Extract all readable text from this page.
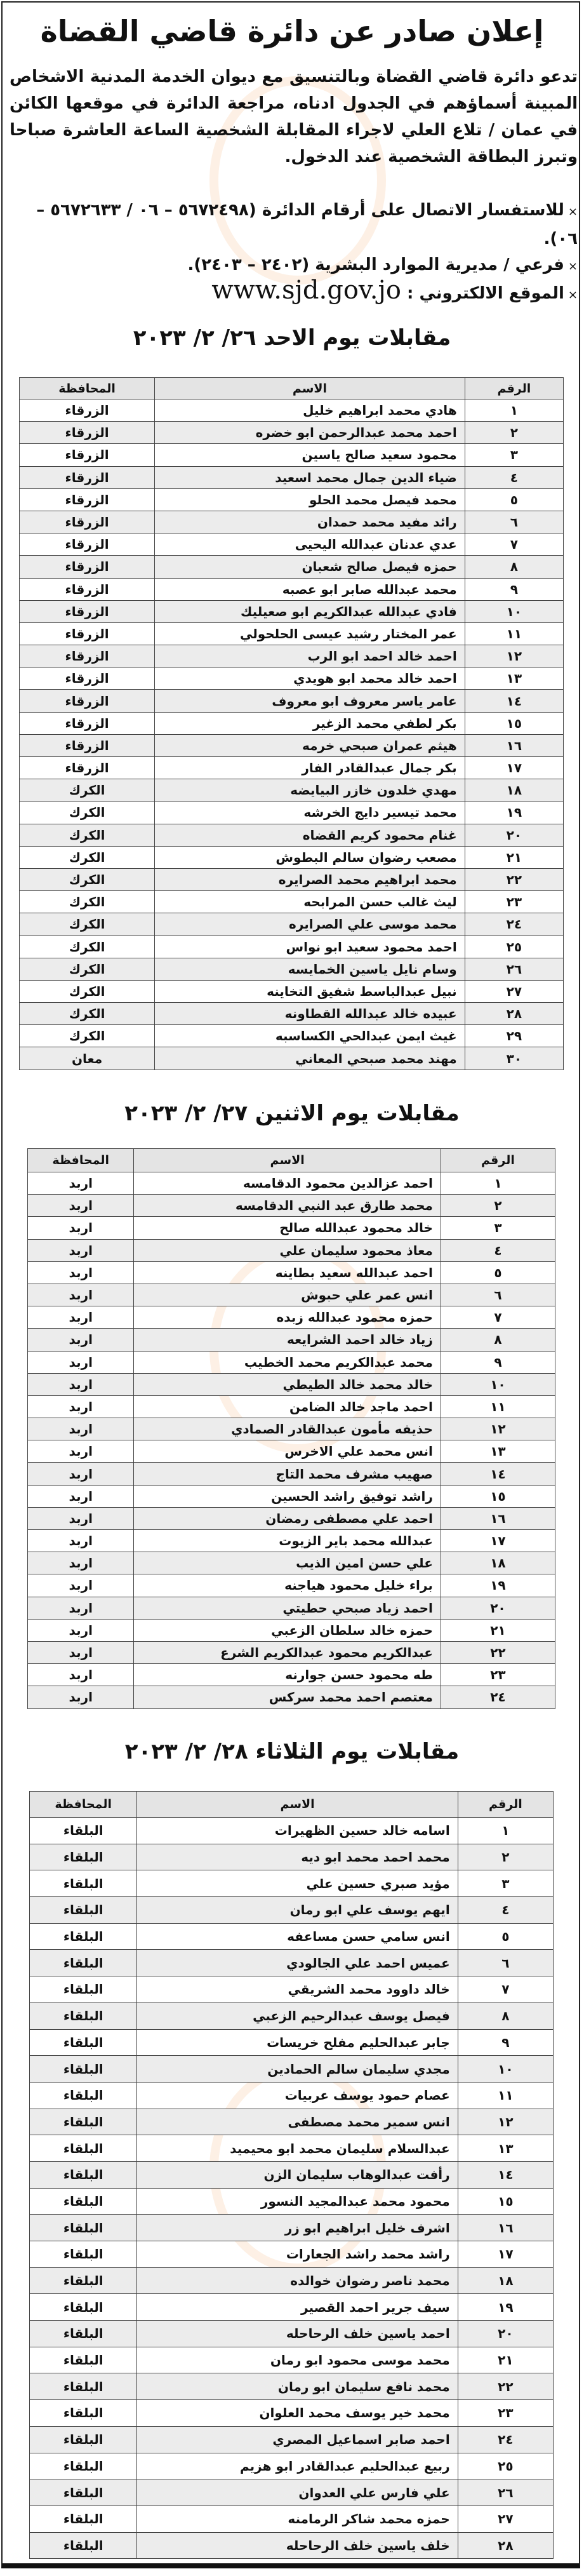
إعلان صادر عن دائرة قاضي القضاة
تدعو دائرة قاضي القضاة وبالتنسيق مع ديوان الخدمة المدنية الاشخاص المبينة أسماؤهم في الجدول ادناه، مراجعة الدائرة في موقعها الكائن في عمان / تلاع العلي لاجراء المقابلة الشخصية الساعة العاشرة صباحا وتبرز البطاقة الشخصية عند الدخول.
×للاستفسار الاتصال على أرقام الدائرة (٥٦٧٢٤٩٨ – ٠٦ / ٥٦٧٢٦٣٣ – ٠٦).
×فرعي / مديرية الموارد البشرية (٢٤٠٢ – ٢٤٠٣).
×الموقع الالكتروني : www.sjd.gov.jo
مقابلات يوم الاحد ٢٦/ ٢/ ٢٠٢٣
الرقم	الاسم	المحافظة
١	هادي محمد ابراهيم خليل	الزرقاء
٢	احمد محمد عبدالرحمن ابو خضره	الزرقاء
٣	محمود سعيد صالح ياسين	الزرقاء
٤	ضياء الدين جمال محمد اسعيد	الزرقاء
٥	محمد فيصل محمد الحلو	الزرقاء
٦	رائد مفيد محمد حمدان	الزرقاء
٧	عدي عدنان عبدالله اليحيى	الزرقاء
٨	حمزه فيصل صالح شعبان	الزرقاء
٩	محمد عبدالله صابر ابو عصبه	الزرقاء
١٠	فادي عبدالله عبدالكريم ابو صعيليك	الزرقاء
١١	عمر المختار رشيد عيسى الحلحولي	الزرقاء
١٢	احمد خالد احمد ابو الرب	الزرقاء
١٣	احمد خالد محمد ابو هويدي	الزرقاء
١٤	عامر ياسر معروف ابو معروف	الزرقاء
١٥	بكر لطفي محمد الزغير	الزرقاء
١٦	هيثم عمران صبحي خرمه	الزرقاء
١٧	بكر جمال عبدالقادر الفار	الزرقاء
١٨	مهدي خلدون خازر البيايضه	الكرك
١٩	محمد تيسير دايج الخرشه	الكرك
٢٠	غنام محمود كريم القضاه	الكرك
٢١	مصعب رضوان سالم البطوش	الكرك
٢٢	محمد ابراهيم محمد الصرايره	الكرك
٢٣	ليث غالب حسن المرابحه	الكرك
٢٤	محمد موسى علي الصرايره	الكرك
٢٥	احمد محمود سعيد ابو نواس	الكرك
٢٦	وسام نايل ياسين الخمايسه	الكرك
٢٧	نبيل عبدالباسط شفيق التخاينه	الكرك
٢٨	عبيده خالد عبدالله القطاونه	الكرك
٢٩	غيث ايمن عبدالحي الكساسبه	الكرك
٣٠	مهند محمد صبحي المعاني	معان
مقابلات يوم الاثنين ٢٧/ ٢/ ٢٠٢٣
الرقم	الاسم	المحافظة
١	احمد عزالدين محمود الدقامسه	اربد
٢	محمد طارق عبد النبي الدقامسه	اربد
٣	خالد محمود عبدالله صالح	اربد
٤	معاذ محمود سليمان علي	اربد
٥	احمد عبدالله سعيد بطاينه	اربد
٦	انس عمر علي حبوش	اربد
٧	حمزه محمود عبدالله زبده	اربد
٨	زياد خالد احمد الشرايعه	اربد
٩	محمد عبدالكريم محمد الخطيب	اربد
١٠	خالد محمد خالد الطيطي	اربد
١١	احمد ماجد خالد الضامن	اربد
١٢	حذيفه مأمون عبدالقادر الصمادي	اربد
١٣	انس محمد علي الاخرس	اربد
١٤	صهيب مشرف محمد التاج	اربد
١٥	راشد توفيق راشد الحسين	اربد
١٦	احمد علي مصطفى رمضان	اربد
١٧	عبدالله محمد باير الزيوت	اربد
١٨	علي حسن امين الذيب	اربد
١٩	براء خليل محمود هياجنه	اربد
٢٠	احمد زياد صبحي حطيتي	اربد
٢١	حمزه خالد سلطان الزعبي	اربد
٢٢	عبدالكريم محمود عبدالكريم الشرع	اربد
٢٣	طه محمود حسن جوارنه	اربد
٢٤	معتصم احمد محمد سركس	اربد
مقابلات يوم الثلاثاء ٢٨/ ٢/ ٢٠٢٣
الرقم	الاسم	المحافظة
١	اسامه خالد حسين الظهيرات	البلقاء
٢	محمد احمد محمد ابو ديه	البلقاء
٣	مؤيد صبري حسين علي	البلقاء
٤	ايهم يوسف علي ابو رمان	البلقاء
٥	انس سامي حسن مساعفه	البلقاء
٦	عميس احمد علي الجالودي	البلقاء
٧	خالد داوود محمد الشريقي	البلقاء
٨	فيصل يوسف عبدالرحيم الزعبي	البلقاء
٩	جابر عبدالحليم مفلح خريسات	البلقاء
١٠	مجدي سليمان سالم الحمادين	البلقاء
١١	عصام حمود يوسف عربيات	البلقاء
١٢	انس سمير محمد مصطفى	البلقاء
١٣	عبدالسلام سليمان محمد ابو محيميد	البلقاء
١٤	رأفت عبدالوهاب سليمان الزن	البلقاء
١٥	محمود محمد عبدالمجيد النسور	البلقاء
١٦	اشرف خليل ابراهيم ابو زر	البلقاء
١٧	راشد محمد راشد الجعارات	البلقاء
١٨	محمد ناصر رضوان خوالده	البلقاء
١٩	سيف جرير احمد القصير	البلقاء
٢٠	احمد ياسين خلف الرحاحله	البلقاء
٢١	محمد موسى محمود ابو رمان	البلقاء
٢٢	محمد نافع سليمان ابو رمان	البلقاء
٢٣	محمد خير يوسف محمد العلوان	البلقاء
٢٤	احمد صابر اسماعيل المصري	البلقاء
٢٥	ربيع عبدالحليم عبدالقادر ابو هزيم	البلقاء
٢٦	علي فارس علي العدوان	البلقاء
٢٧	حمزه محمد شاكر الرمامنه	البلقاء
٢٨	خلف ياسين خلف الرحاحله	البلقاء
